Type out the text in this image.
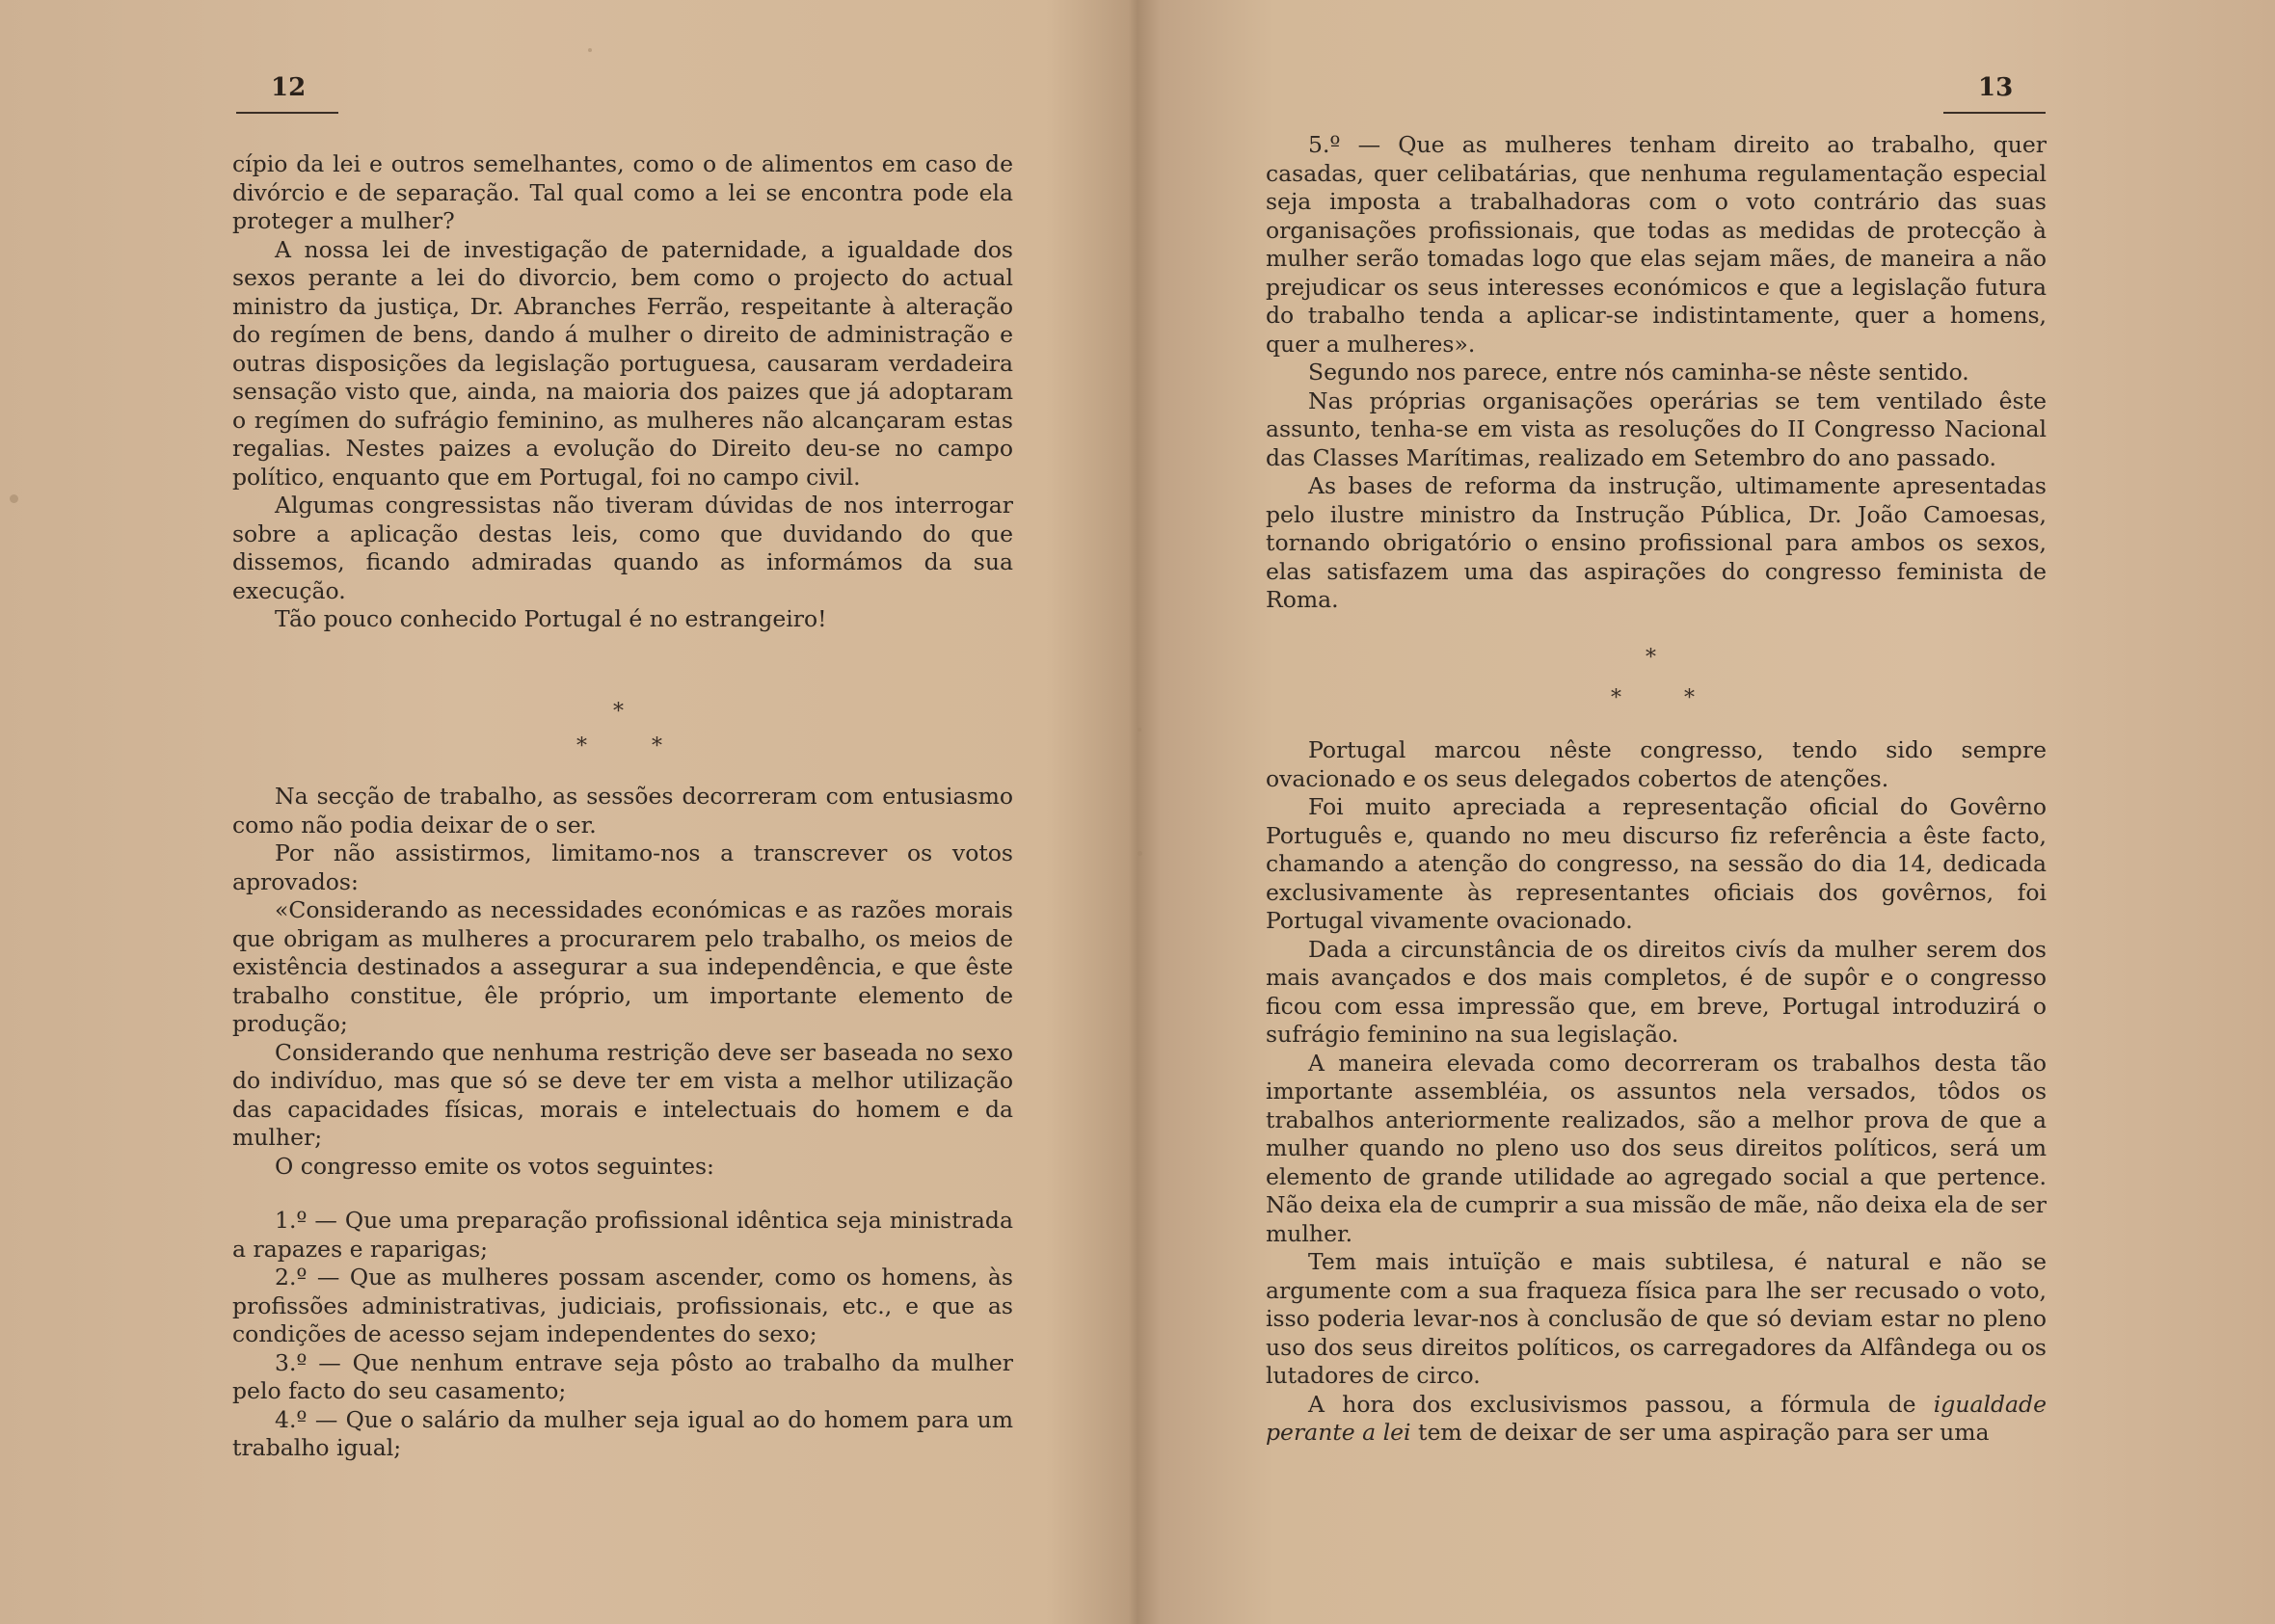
12

cípio da lei e outros semelhantes, como o de alimentos em caso de divórcio e de separação. Tal qual como a lei se encontra pode ela proteger a mulher?

A nossa lei de investigação de paternidade, a igualdade dos sexos perante a lei do divorcio, bem como o projecto do actual ministro da justiça, Dr. Abranches Ferrão, respeitante à alteração do regímen de bens, dando á mulher o direito de administração e outras disposições da legislação portuguesa, causaram verdadeira sensação visto que, ainda, na maioria dos paizes que já adoptaram o regímen do sufrágio feminino, as mulheres não alcançaram estas regalias. Nestes paizes a evolução do Direito deu-se no campo político, enquanto que em Portugal, foi no campo civil.

Algumas congressistas não tiveram dúvidas de nos interrogar sobre a aplicação destas leis, como que duvidando do que dissemos, ficando admiradas quando as informámos da sua execução.

Tão pouco conhecido Portugal é no estrangeiro!

*
*	*

Na secção de trabalho, as sessões decorreram com entusiasmo como não podia deixar de o ser.

Por não assistirmos, limitamo-nos a transcrever os votos aprovados:

«Considerando as necessidades económicas e as razões morais que obrigam as mulheres a procurarem pelo trabalho, os meios de existência destinados a assegurar a sua independência, e que êste trabalho constitue, êle próprio, um importante elemento de produção;

Considerando que nenhuma restrição deve ser baseada no sexo do indivíduo, mas que só se deve ter em vista a melhor utilização das capacidades físicas, morais e intelectuais do homem e da mulher;

O congresso emite os votos seguintes:

1.º — Que uma preparação profissional idêntica seja ministrada a rapazes e raparigas;

2.º — Que as mulheres possam ascender, como os homens, às profissões administrativas, judiciais, profissionais, etc., e que as condições de acesso sejam independentes do sexo;

3.º — Que nenhum entrave seja pôsto ao trabalho da mulher pelo facto do seu casamento;

4.º — Que o salário da mulher seja igual ao do homem para um trabalho igual;

13

5.º — Que as mulheres tenham direito ao trabalho, quer casadas, quer celibatárias, que nenhuma regulamentação especial seja imposta a trabalhadoras com o voto contrário das suas organisações profissionais, que todas as medidas de protecção à mulher serão tomadas logo que elas sejam mães, de maneira a não prejudicar os seus interesses económicos e que a legislação futura do trabalho tenda a aplicar-se indistintamente, quer a homens, quer a mulheres».

Segundo nos parece, entre nós caminha-se nêste sentido.

Nas próprias organisações operárias se tem ventilado êste assunto, tenha-se em vista as resoluções do II Congresso Nacional das Classes Marítimas, realizado em Setembro do ano passado.

As bases de reforma da instrução, ultimamente apresentadas pelo ilustre ministro da Instrução Pública, Dr. João Camoesas, tornando obrigatório o ensino profissional para ambos os sexos, elas satisfazem uma das aspirações do congresso feminista de Roma.

*
*	*

Portugal marcou nêste congresso, tendo sido sempre ovacionado e os seus delegados cobertos de atenções.

Foi muito apreciada a representação oficial do Govêrno Português e, quando no meu discurso fiz referência a êste facto, chamando a atenção do congresso, na sessão do dia 14, dedicada exclusivamente às representantes oficiais dos govêrnos, foi Portugal vivamente ovacionado.

Dada a circunstância de os direitos civís da mulher serem dos mais avançados e dos mais completos, é de supôr e o congresso ficou com essa impressão que, em breve, Portugal introduzirá o sufrágio feminino na sua legislação.

A maneira elevada como decorreram os trabalhos desta tão importante assembléia, os assuntos nela versados, tôdos os trabalhos anteriormente realizados, são a melhor prova de que a mulher quando no pleno uso dos seus direitos políticos, será um elemento de grande utilidade ao agregado social a que pertence. Não deixa ela de cumprir a sua missão de mãe, não deixa ela de ser mulher.

Tem mais intuïção e mais subtilesa, é natural e não se argumente com a sua fraqueza física para lhe ser recusado o voto, isso poderia levar-nos à conclusão de que só deviam estar no pleno uso dos seus direitos políticos, os carregadores da Alfândega ou os lutadores de circo.

A hora dos exclusivismos passou, a fórmula de igualdade perante a lei tem de deixar de ser uma aspiração para ser uma
